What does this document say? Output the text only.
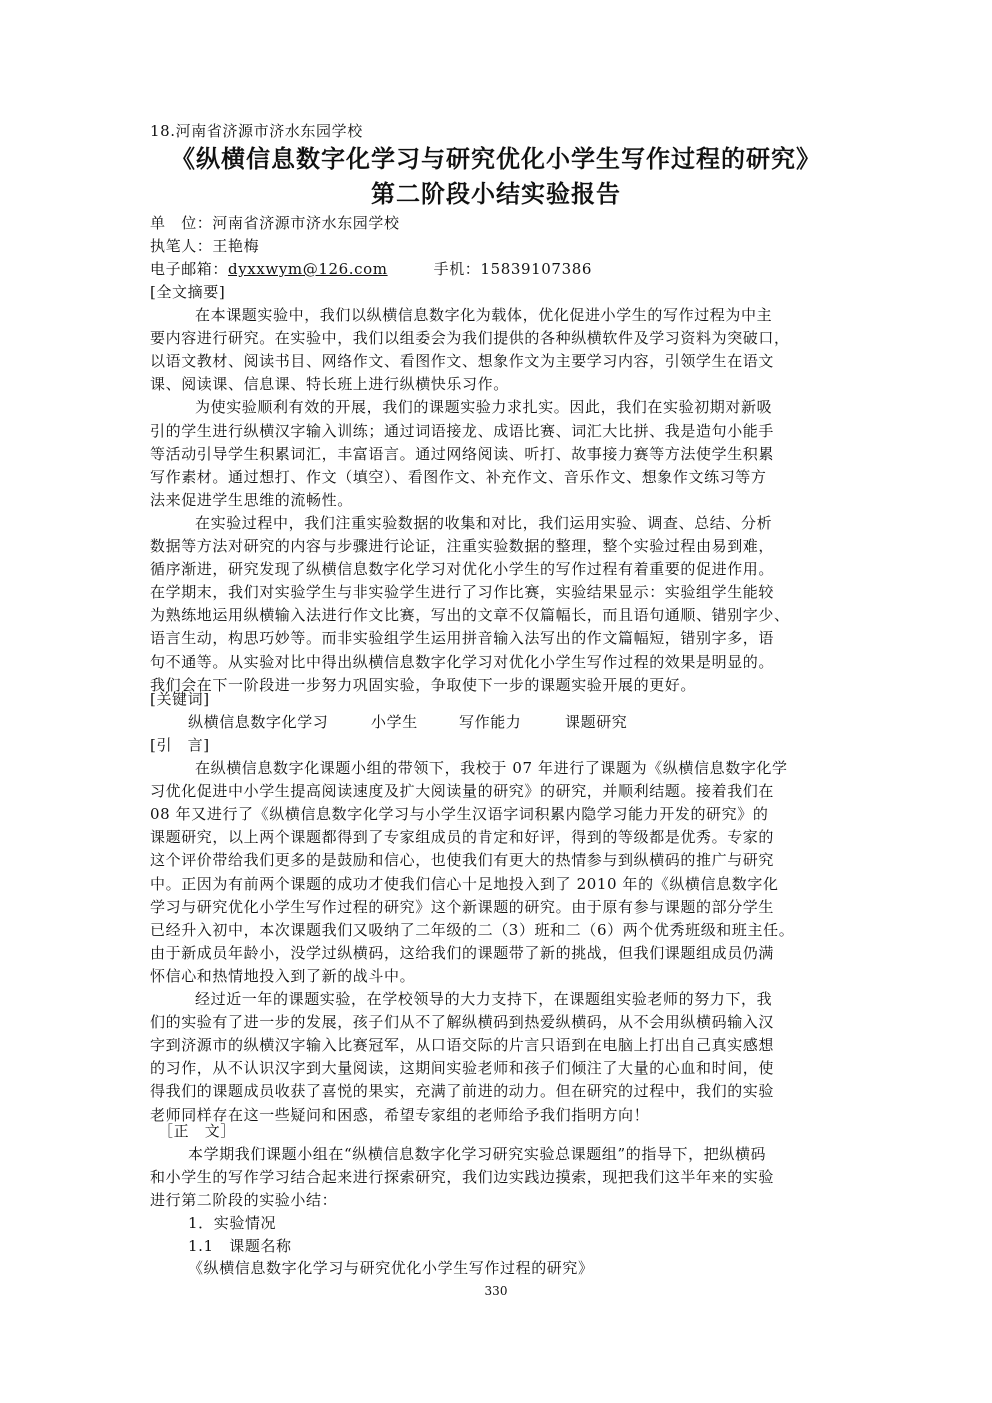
18.河南省济源市济水东园学校
《纵横信息数字化学习与研究优化小学生写作过程的研究》
第二阶段小结实验报告
单　位：河南省济源市济水东园学校
执笔人：王艳梅
电子邮箱：dyxxwym@126.com	手机：15839107386
[全文摘要]
在本课题实验中，我们以纵横信息数字化为载体，优化促进小学生的写作过程为中主
要内容进行研究。在实验中，我们以组委会为我们提供的各种纵横软件及学习资料为突破口，
以语文教材、阅读书目、网络作文、看图作文、想象作文为主要学习内容，引领学生在语文
课、阅读课、信息课、特长班上进行纵横快乐习作。
为使实验顺利有效的开展，我们的课题实验力求扎实。因此，我们在实验初期对新吸
引的学生进行纵横汉字输入训练；通过词语接龙、成语比赛、词汇大比拼、我是造句小能手
等活动引导学生积累词汇，丰富语言。通过网络阅读、听打、故事接力赛等方法使学生积累
写作素材。通过想打、作文（填空）、看图作文、补充作文、音乐作文、想象作文练习等方
法来促进学生思维的流畅性。
在实验过程中，我们注重实验数据的收集和对比，我们运用实验、调查、总结、分析
数据等方法对研究的内容与步骤进行论证，注重实验数据的整理，整个实验过程由易到难，
循序渐进，研究发现了纵横信息数字化学习对优化小学生的写作过程有着重要的促进作用。
在学期末，我们对实验学生与非实验学生进行了习作比赛，实验结果显示：实验组学生能较
为熟练地运用纵横输入法进行作文比赛，写出的文章不仅篇幅长，而且语句通顺、错别字少、
语言生动，构思巧妙等。而非实验组学生运用拼音输入法写出的作文篇幅短，错别字多，语
句不通等。从实验对比中得出纵横信息数字化学习对优化小学生写作过程的效果是明显的。
我们会在下一阶段进一步努力巩固实验，争取使下一步的课题实验开展的更好。
[关键词]
纵横信息数字化学习	小学生	写作能力	课题研究
[引　言]
在纵横信息数字化课题小组的带领下，我校于 07 年进行了课题为《纵横信息数字化学
习优化促进中小学生提高阅读速度及扩大阅读量的研究》的研究，并顺利结题。接着我们在
08 年又进行了《纵横信息数字化学习与小学生汉语字词积累内隐学习能力开发的研究》的
课题研究，以上两个课题都得到了专家组成员的肯定和好评，得到的等级都是优秀。专家的
这个评价带给我们更多的是鼓励和信心，也使我们有更大的热情参与到纵横码的推广与研究
中。正因为有前两个课题的成功才使我们信心十足地投入到了 2010 年的《纵横信息数字化
学习与研究优化小学生写作过程的研究》这个新课题的研究。由于原有参与课题的部分学生
已经升入初中，本次课题我们又吸纳了二年级的二（3）班和二（6）两个优秀班级和班主任。
由于新成员年龄小，没学过纵横码，这给我们的课题带了新的挑战，但我们课题组成员仍满
怀信心和热情地投入到了新的战斗中。
经过近一年的课题实验，在学校领导的大力支持下，在课题组实验老师的努力下，我
们的实验有了进一步的发展，孩子们从不了解纵横码到热爱纵横码，从不会用纵横码输入汉
字到济源市的纵横汉字输入比赛冠军，从口语交际的片言只语到在电脑上打出自己真实感想
的习作，从不认识汉字到大量阅读，这期间实验老师和孩子们倾注了大量的心血和时间，使
得我们的课题成员收获了喜悦的果实，充满了前进的动力。但在研究的过程中，我们的实验
老师同样存在这一些疑问和困惑，希望专家组的老师给予我们指明方向！
［正　文］
本学期我们课题小组在“纵横信息数字化学习研究实验总课题组”的指导下，把纵横码
和小学生的写作学习结合起来进行探索研究，我们边实践边摸索，现把我们这半年来的实验
进行第二阶段的实验小结：
1．实验情况
1.1　课题名称
《纵横信息数字化学习与研究优化小学生写作过程的研究》
330
